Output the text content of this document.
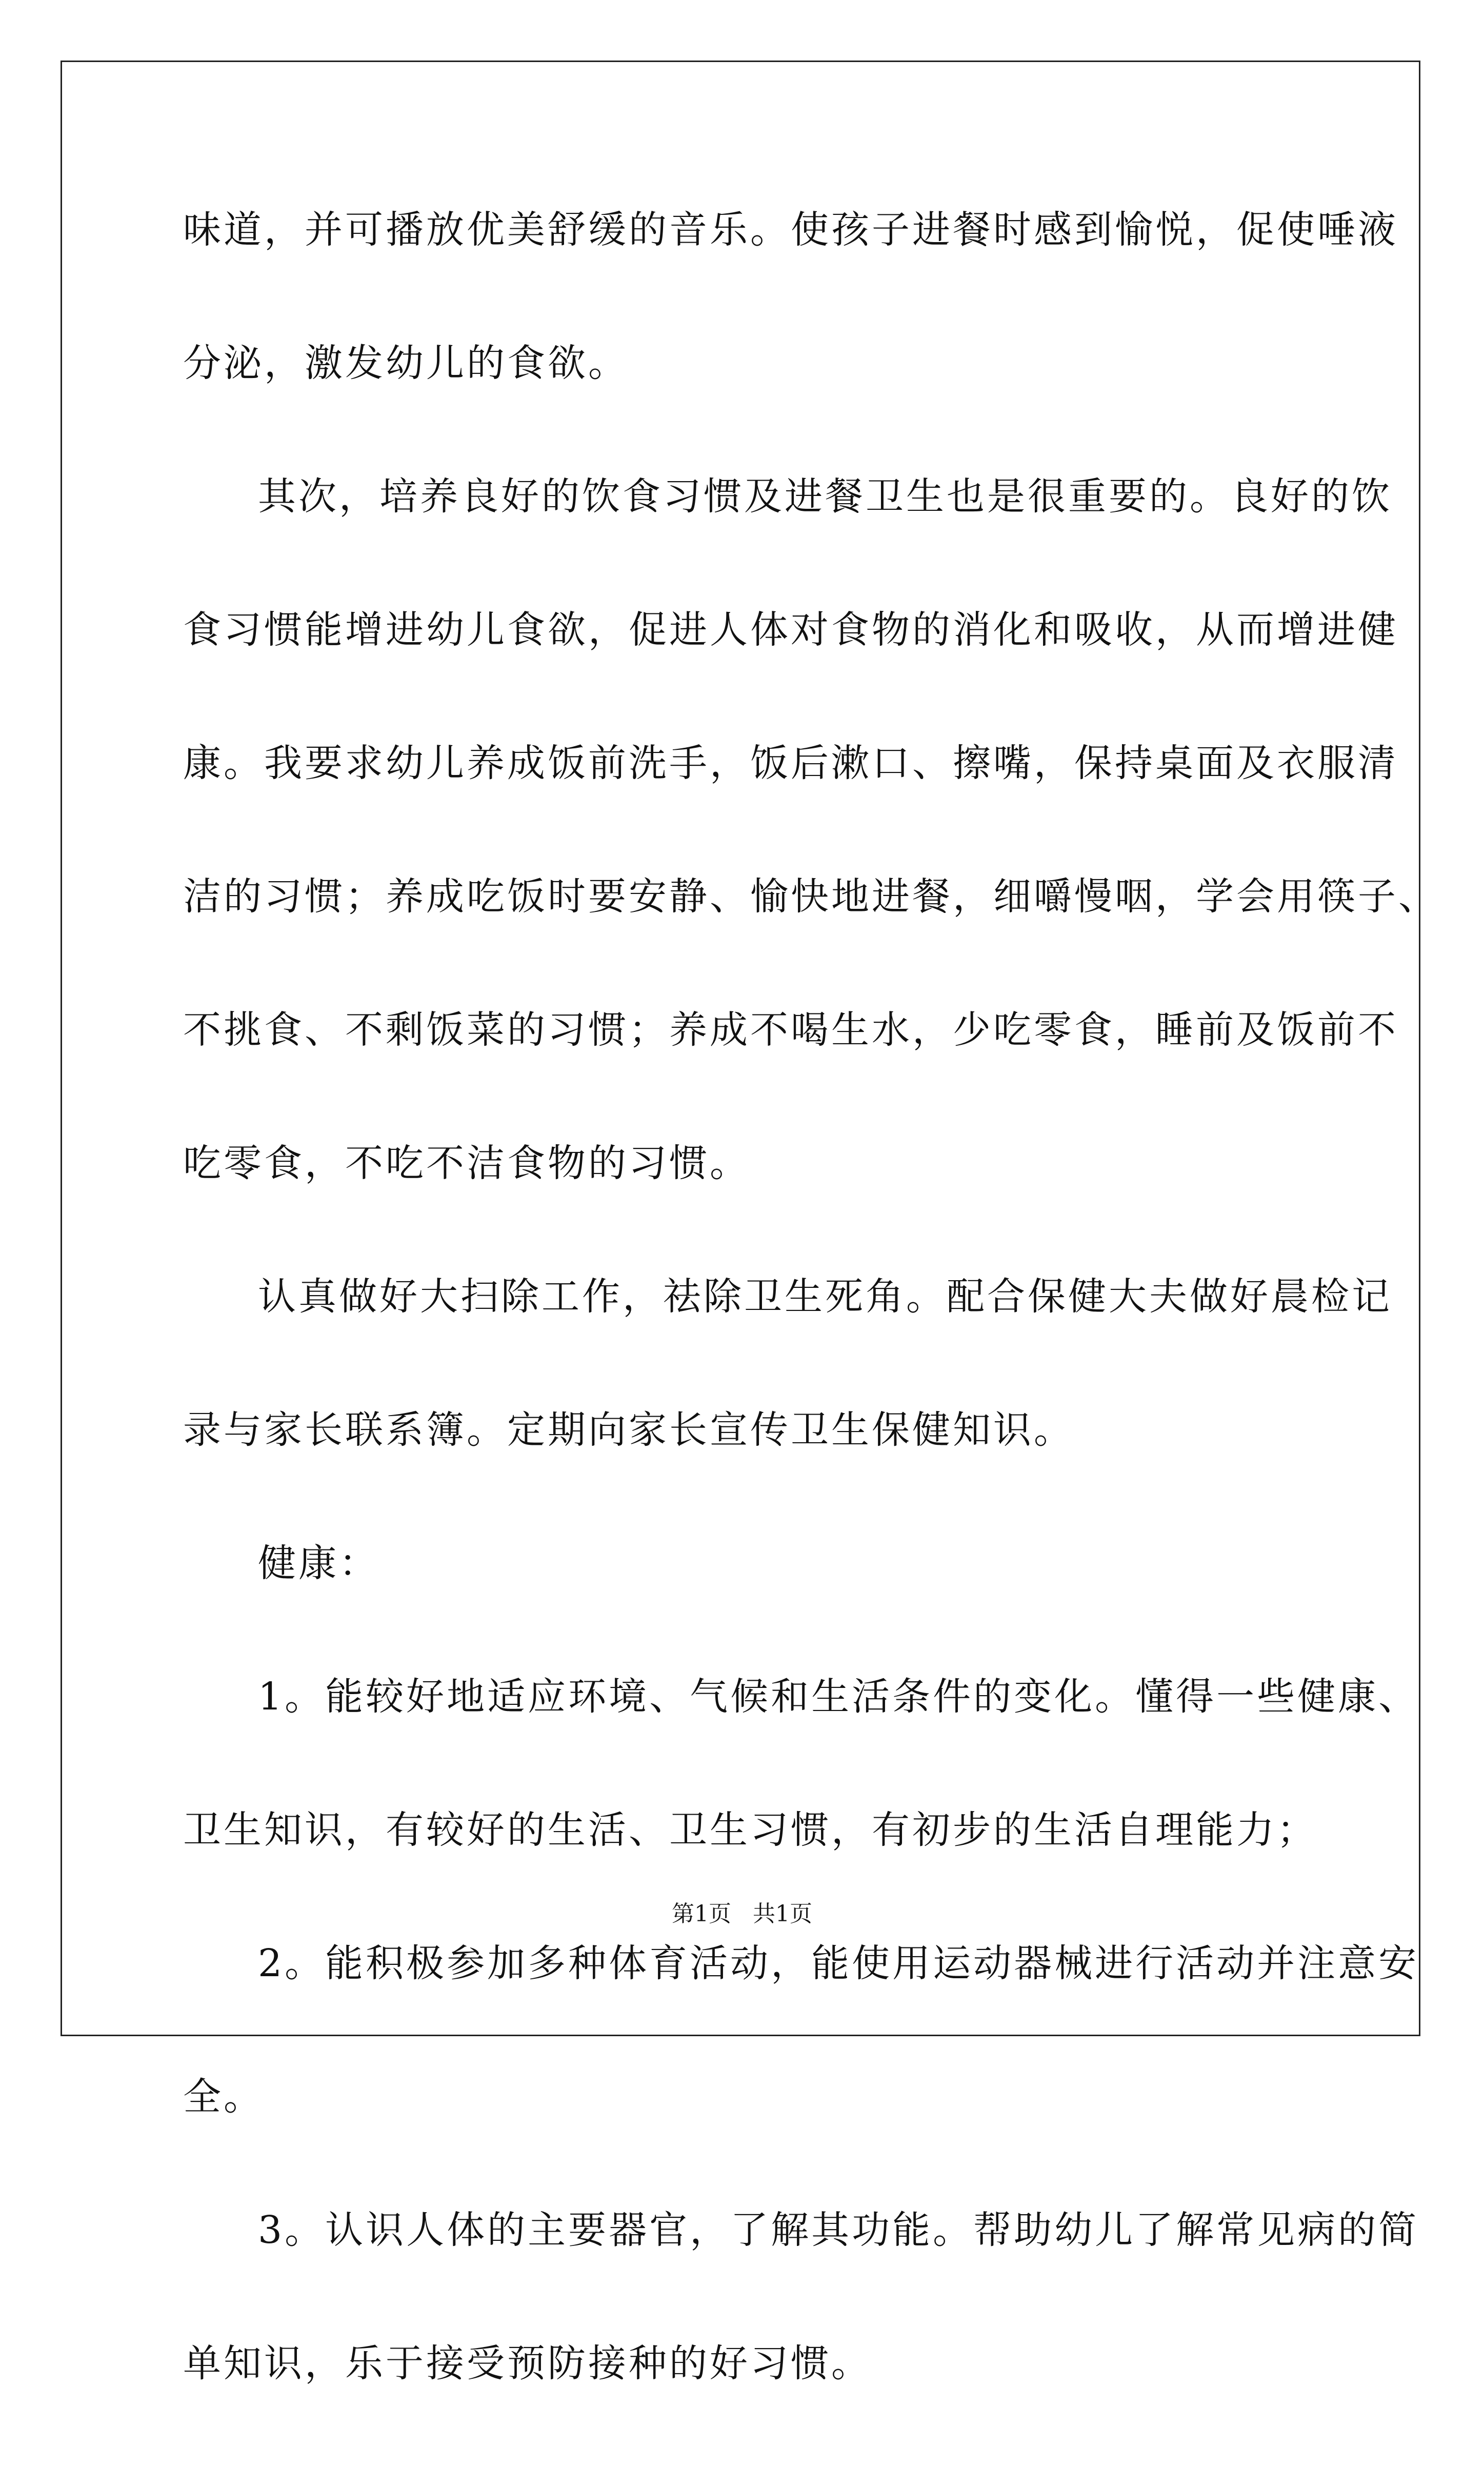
味道，并可播放优美舒缓的音乐。使孩子进餐时感到愉悦，促使唾液
分泌，激发幼儿的食欲。
其次，培养良好的饮食习惯及进餐卫生也是很重要的。良好的饮
食习惯能增进幼儿食欲，促进人体对食物的消化和吸收，从而增进健
康。我要求幼儿养成饭前洗手，饭后漱口、擦嘴，保持桌面及衣服清
洁的习惯；养成吃饭时要安静、愉快地进餐，细嚼慢咽，学会用筷子、
不挑食、不剩饭菜的习惯；养成不喝生水，少吃零食，睡前及饭前不
吃零食，不吃不洁食物的习惯。
认真做好大扫除工作，祛除卫生死角。配合保健大夫做好晨检记
录与家长联系簿。定期向家长宣传卫生保健知识。
健康：
1。能较好地适应环境、气候和生活条件的变化。懂得一些健康、
卫生知识，有较好的生活、卫生习惯，有初步的生活自理能力；
2。能积极参加多种体育活动，能使用运动器械进行活动并注意安
全。
3。认识人体的主要器官，了解其功能。帮助幼儿了解常见病的简
单知识，乐于接受预防接种的好习惯。
第1页   共1页
